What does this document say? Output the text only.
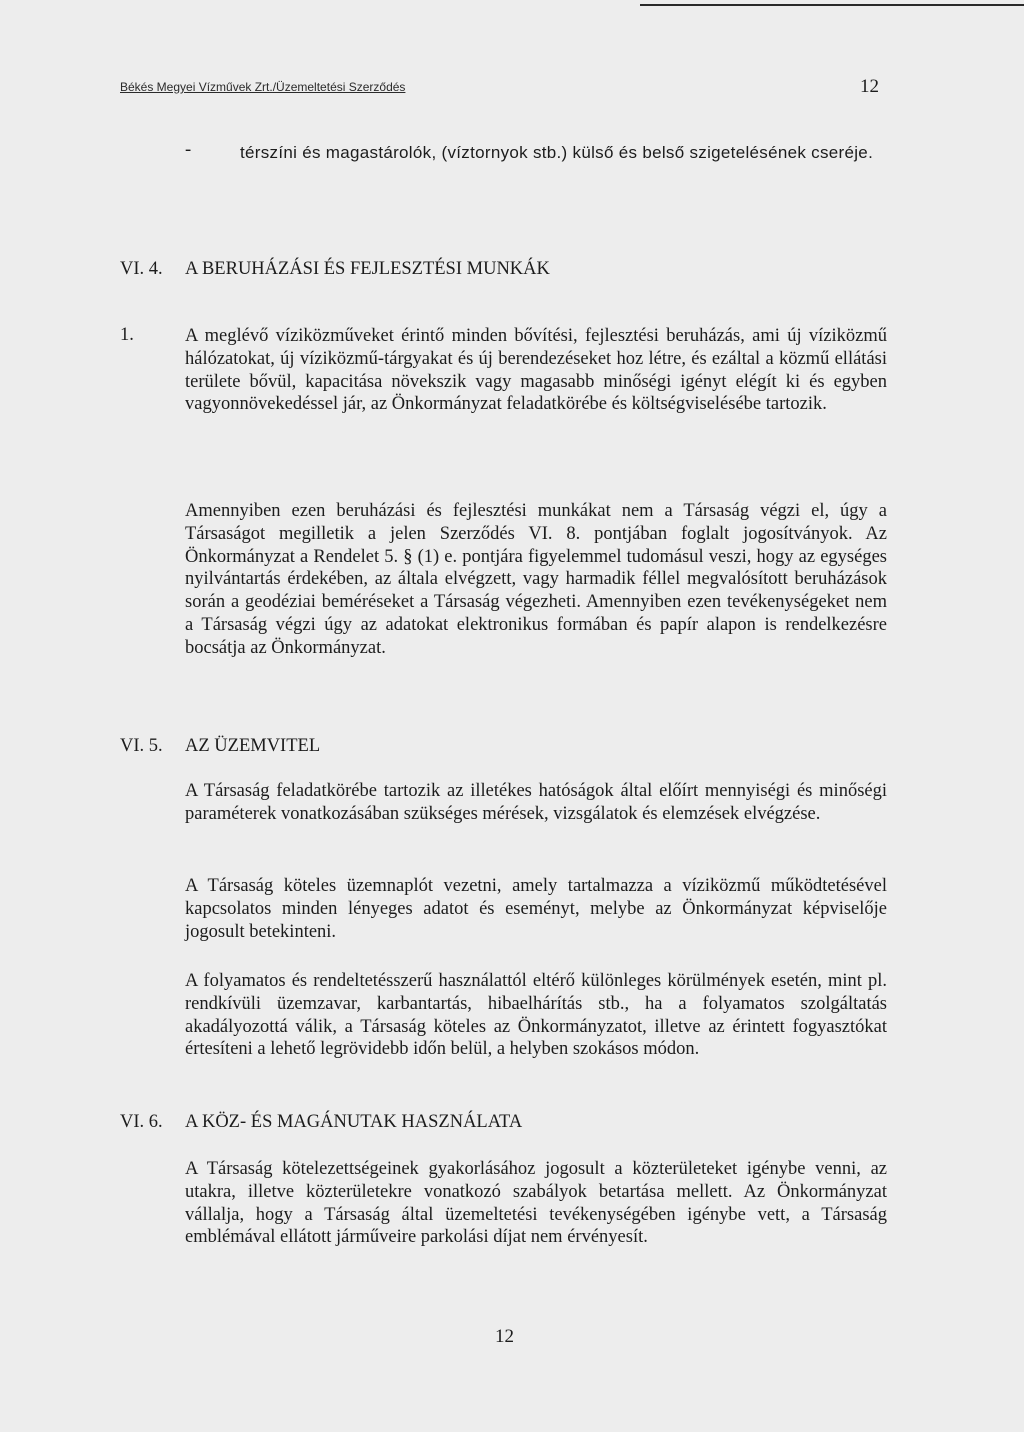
Békés Megyei Vízművek Zrt./Üzemeltetési Szerződés	12
-	térszíni és magastárolók, (víztornyok stb.) külső és belső szigetelésének cseréje.
VI. 4. A BERUHÁZÁSI ÉS FEJLESZTÉSI MUNKÁK
1.	A meglévő víziközműveket érintő minden bővítési, fejlesztési beruházás, ami új víziközmű hálózatokat, új víziközmű-tárgyakat és új berendezéseket hoz létre, és ezáltal a közmű ellátási területe bővül, kapacitása növekszik vagy magasabb minőségi igényt elégít ki és egyben vagyonnövekedéssel jár, az Önkormányzat feladatkörébe és költségviselésébe tartozik.

Amennyiben ezen beruházási és fejlesztési munkákat nem a Társaság végzi el, úgy a Társaságot megilletik a jelen Szerződés VI. 8. pontjában foglalt jogosítványok. Az Önkormányzat a Rendelet 5. § (1) e. pontjára figyelemmel tudomásul veszi, hogy az egységes nyilvántartás érdekében, az általa elvégzett, vagy harmadik féllel megvalósított beruházások során a geodéziai beméréseket a Társaság végezheti. Amennyiben ezen tevékenységeket nem a Társaság végzi úgy az adatokat elektronikus formában és papír alapon is rendelkezésre bocsátja az Önkormányzat.

VI. 5. AZ ÜZEMVITEL

A Társaság feladatkörébe tartozik az illetékes hatóságok által előírt mennyiségi és minőségi paraméterek vonatkozásában szükséges mérések, vizsgálatok és elemzések elvégzése.

A Társaság köteles üzemnaplót vezetni, amely tartalmazza a víziközmű működtetésével kapcsolatos minden lényeges adatot és eseményt, melybe az Önkormányzat képviselője jogosult betekinteni.

A folyamatos és rendeltetésszerű használattól eltérő különleges körülmények esetén, mint pl. rendkívüli üzemzavar, karbantartás, hibaelhárítás stb., ha a folyamatos szolgáltatás akadályozottá válik, a Társaság köteles az Önkormányzatot, illetve az érintett fogyasztókat értesíteni a lehető legrövidebb időn belül, a helyben szokásos módon.

VI. 6. A KÖZ- ÉS MAGÁNUTAK HASZNÁLATA

A Társaság kötelezettségeinek gyakorlásához jogosult a közterületeket igénybe venni, az utakra, illetve közterületekre vonatkozó szabályok betartása mellett. Az Önkormányzat vállalja, hogy a Társaság által üzemeltetési tevékenységében igénybe vett, a Társaság emblémával ellátott járműveire parkolási díjat nem érvényesít.

12
